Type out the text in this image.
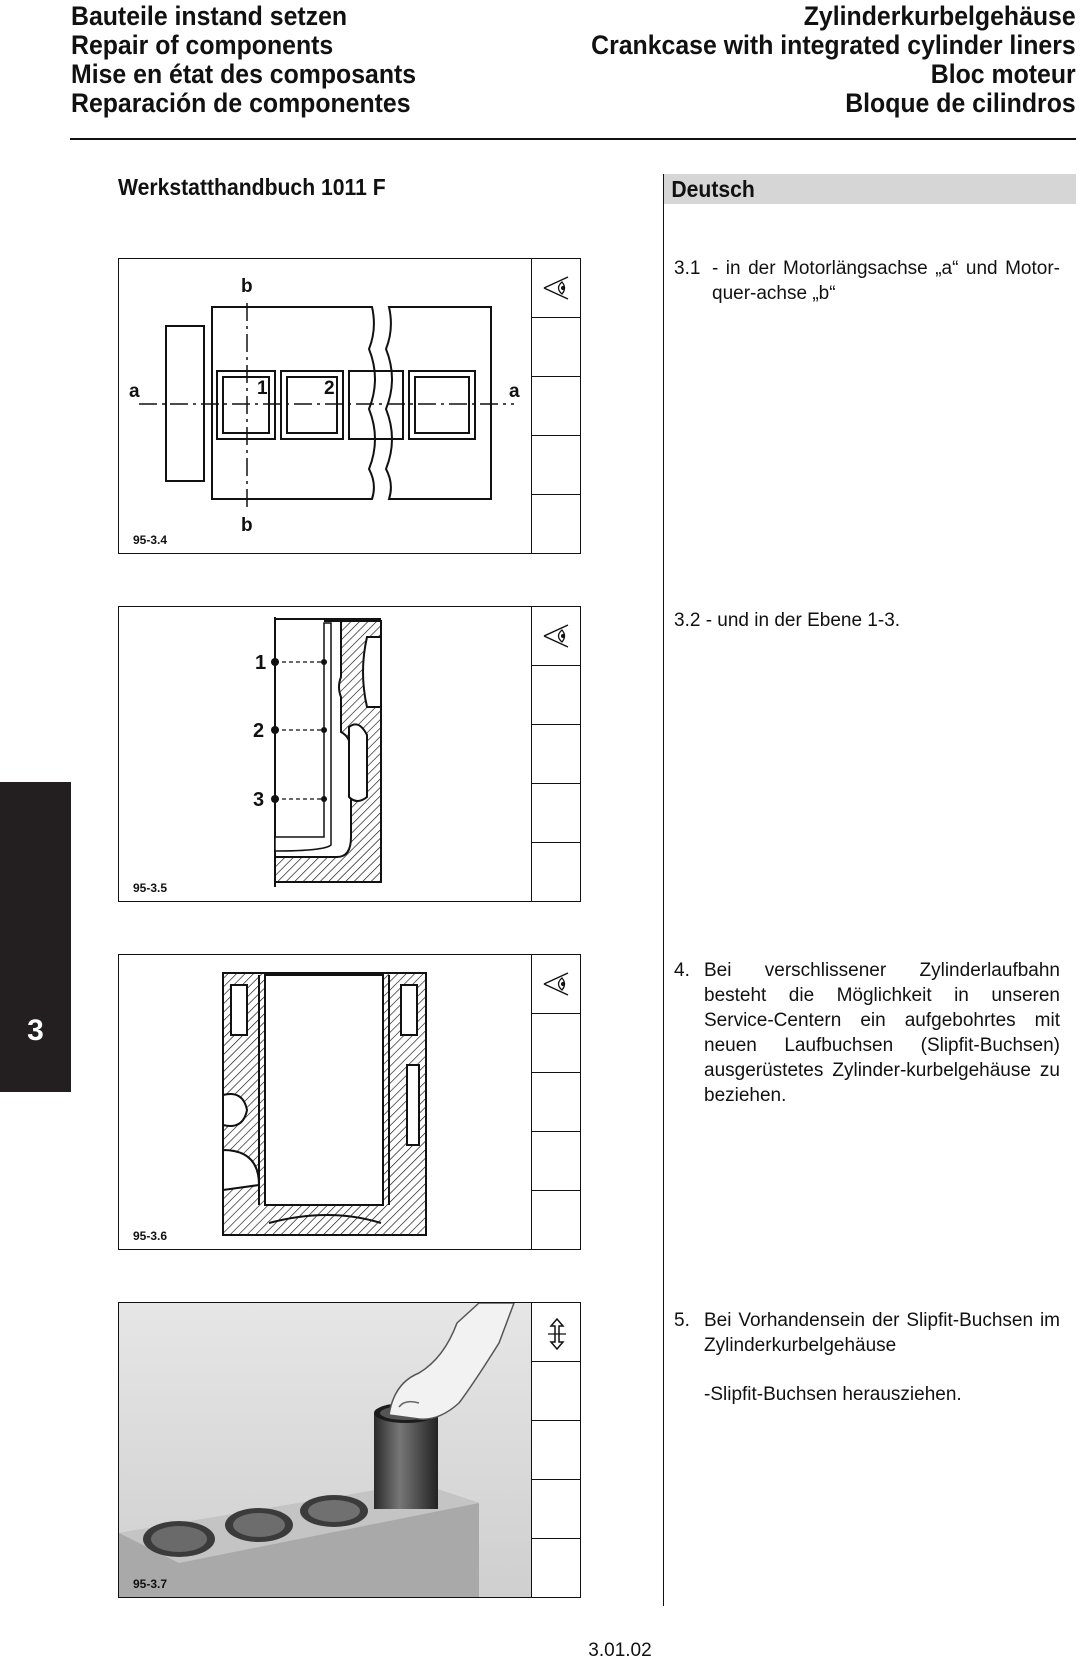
Bauteile instand setzen
Repair of components
Mise en état des composants
Reparación de componentes
Zylinderkurbelgehäuse
Crankcase with integrated cylinder liners
Bloc moteur
Bloque de cilindros
Werkstatthandbuch 1011 F	Deutsch
3
a	a
b
b
1	2
95-3.4
1
2
3
95-3.5
95-3.6
95-3.7
3.1 - in der Motorlängsachse „a“ und Motor-quer-achse „b“

3.2 - und in der Ebene 1-3.

4. Bei verschlissener Zylinderlaufbahn besteht die Möglichkeit in unseren Service-Centern ein aufgebohrtes mit neuen Laufbuchsen (Slipfit-Buchsen) ausgerüstetes Zylinder-kurbelgehäuse zu beziehen.
5. Bei Vorhandensein der Slipfit-Buchsen im Zylinderkurbelgehäuse
-Slipfit-Buchsen herausziehen.
3.01.02
